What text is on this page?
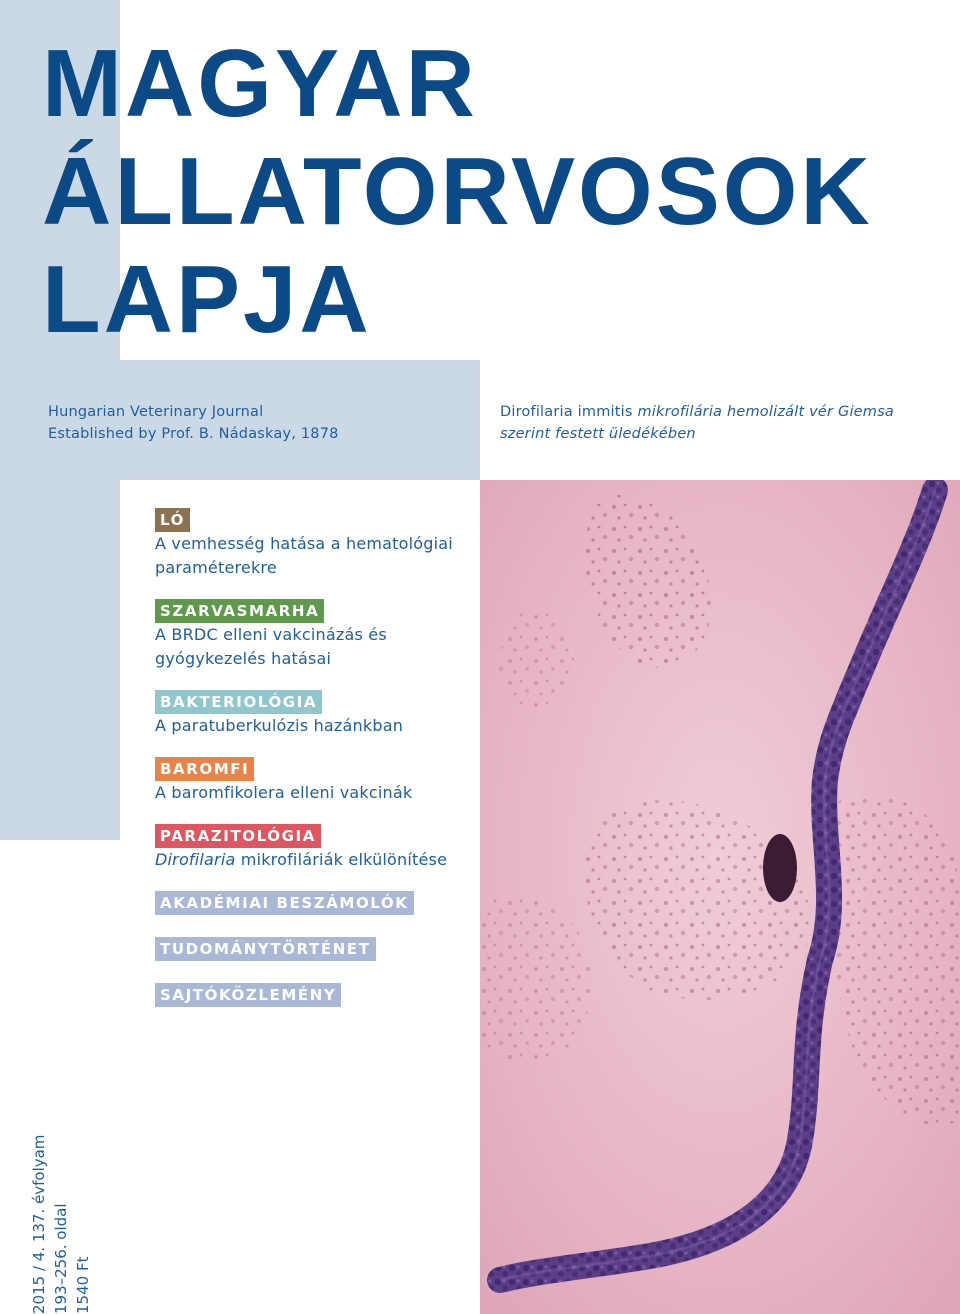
MAGYAR
ÁLLATORVOSOK
LAPJA
Hungarian Veterinary Journal
Established by Prof. B. Nádaskay, 1878
Dirofilaria immitis mikrofilária hemolizált vér Giemsa szerint festett üledékében
LÓ
A vemhesség hatása a hematológiai paraméterekre
SZARVASMARHA
A BRDC elleni vakcinázás és gyógykezelés hatásai
BAKTERIOLÓGIA
A paratuberkulózis hazánkban
BAROMFI
A baromfikolera elleni vakcinák
PARAZITOLÓGIA
Dirofilaria mikrofiláriák elkülönítése
AKADÉMIAI BESZÁMOLÓK
TUDOMÁNYTÖRTÉNET
SAJTÓKÖZLEMÉNY
2015 / 4. 137. évfolyam 193–256. oldal 1540 Ft
